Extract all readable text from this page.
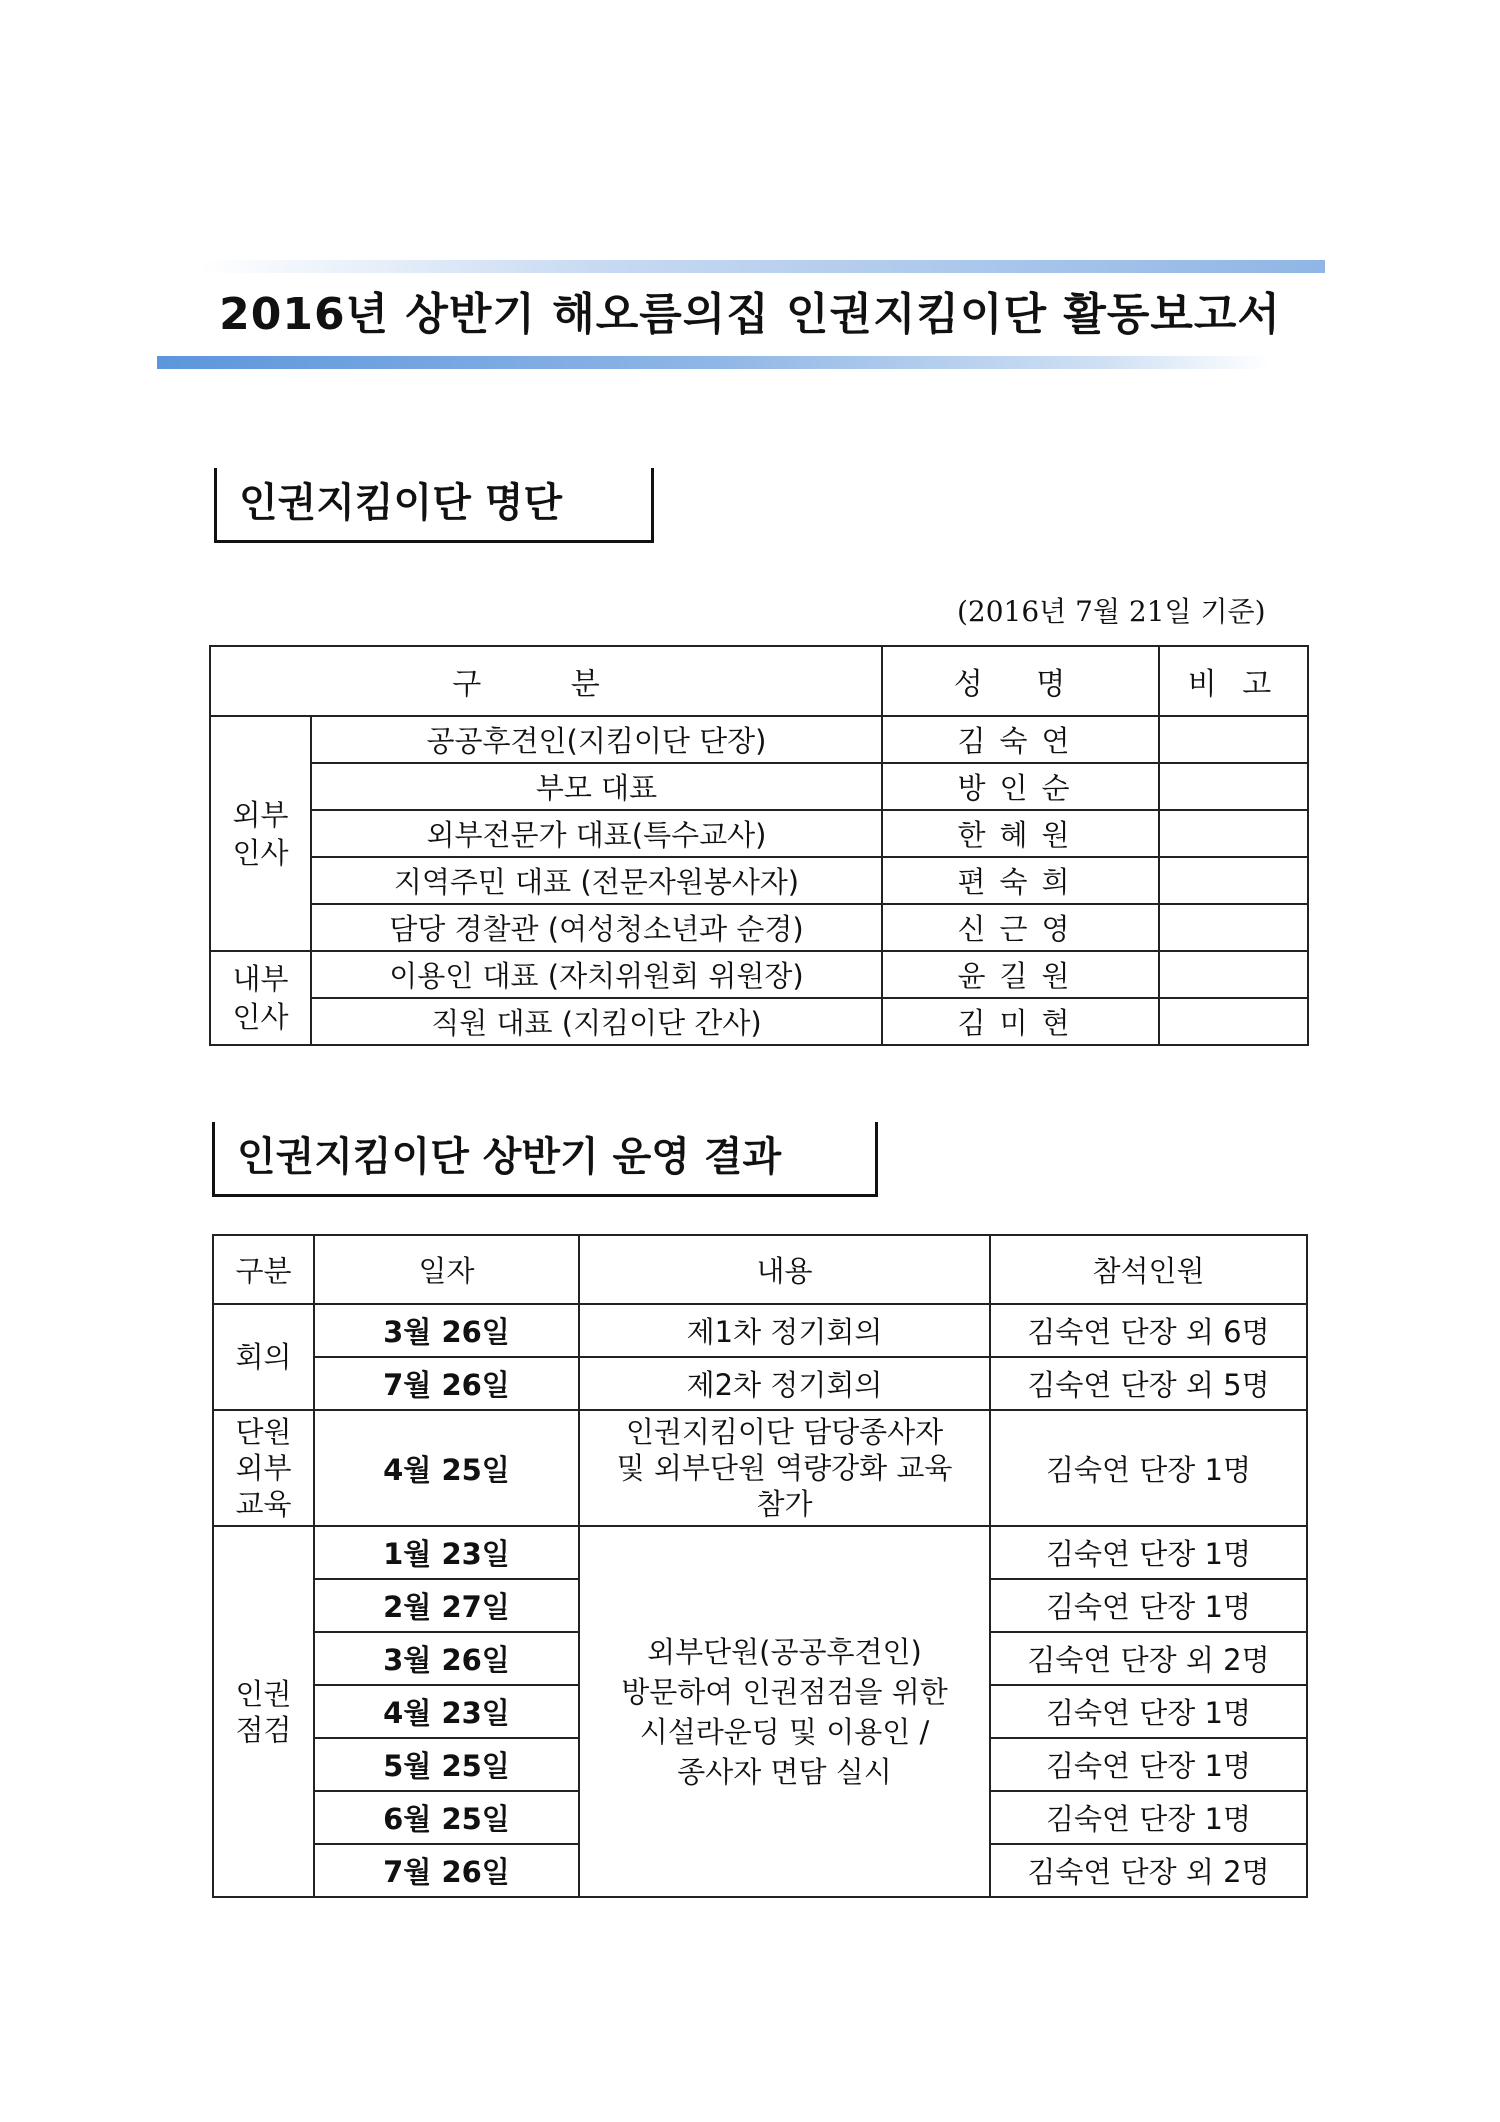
2016년 상반기 해오름의집 인권지킴이단 활동보고서
인권지킴이단 명단
(2016년 7월 21일 기준)
구 분		성 명	비 고
외부
인사	공공후견인(지킴이단 단장)	김숙연	
	부모 대표	방인순	
	외부전문가 대표(특수교사)	한혜원	
	지역주민 대표 (전문자원봉사자)	편숙희	
	담당 경찰관 (여성청소년과 순경)	신근영	
내부
인사	이용인 대표 (자치위원회 위원장)	윤길원	
	직원 대표 (지킴이단 간사)	김미현	
인권지킴이단 상반기 운영 결과
구분	일자	내용	참석인원
회의	3월 26일	제1차 정기회의	김숙연 단장 외 6명
	7월 26일	제2차 정기회의	김숙연 단장 외 5명
단원
외부
교육	4월 25일	인권지킴이단 담당종사자
및 외부단원 역량강화 교육
참가	김숙연 단장 1명
인권
점검	1월 23일	외부단원(공공후견인)
방문하여 인권점검을 위한
시설라운딩 및 이용인 /
종사자 면담 실시	김숙연 단장 1명
	2월 27일		김숙연 단장 1명
	3월 26일		김숙연 단장 외 2명
	4월 23일		김숙연 단장 1명
	5월 25일		김숙연 단장 1명
	6월 25일		김숙연 단장 1명
	7월 26일		김숙연 단장 외 2명
